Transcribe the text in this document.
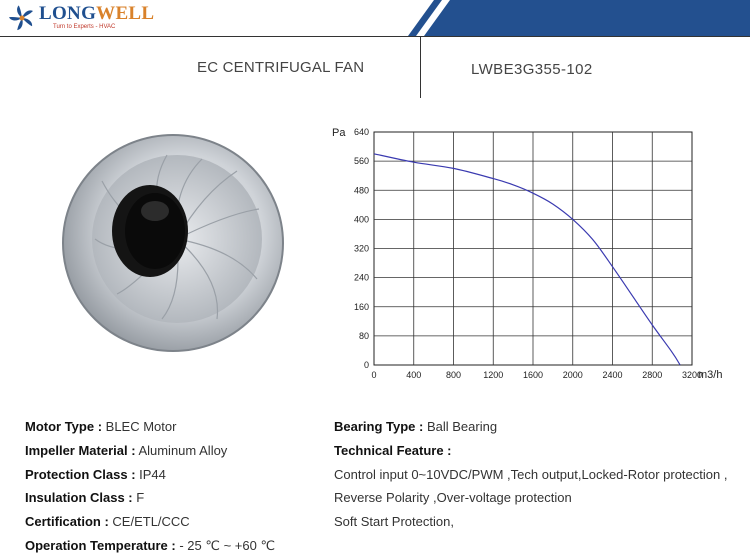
LONGWELL
Turn to Experts - HVAC
EC CENTRIFUGAL FAN	LWBE3G355-102
0
80
160
240
320
400
480
560
640
0	400	800 1200 1600 2000 2400 2800 3200
Pa
m3/h
Motor Type : BLEC Motor
Impeller Material : Aluminum Alloy
Protection Class : IP44
Insulation Class : F
Certification : CE/ETL/CCC
Operation Temperature : - 25 ℃ ~ +60 ℃
Bearing Type : Ball Bearing
Technical Feature :
Control input 0~10VDC/PWM ,Tech output,Locked-Rotor protection ,
Reverse Polarity ,Over-voltage protection
Soft Start Protection,
